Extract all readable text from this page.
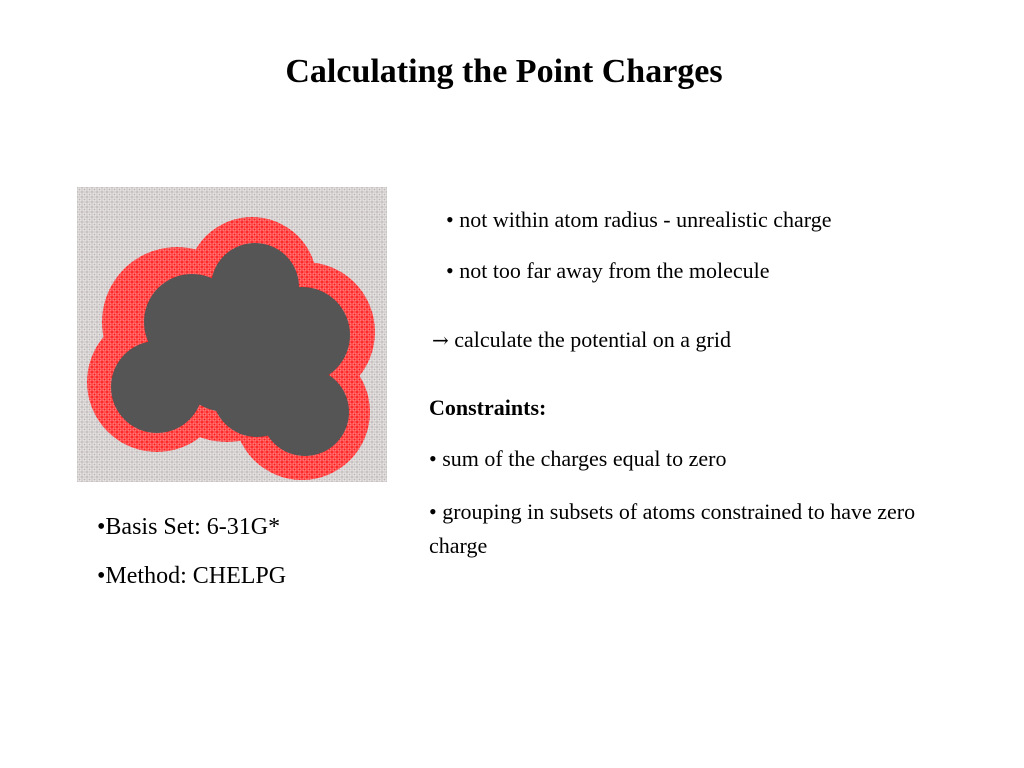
Calculating the Point Charges
• not within atom radius - unrealistic charge
• not too far away from the molecule
→ calculate the potential on a grid
Constraints:
• sum of the charges equal to zero
• grouping in subsets of atoms constrained to have zero charge
•Basis Set: 6-31G*
•Method: CHELPG
